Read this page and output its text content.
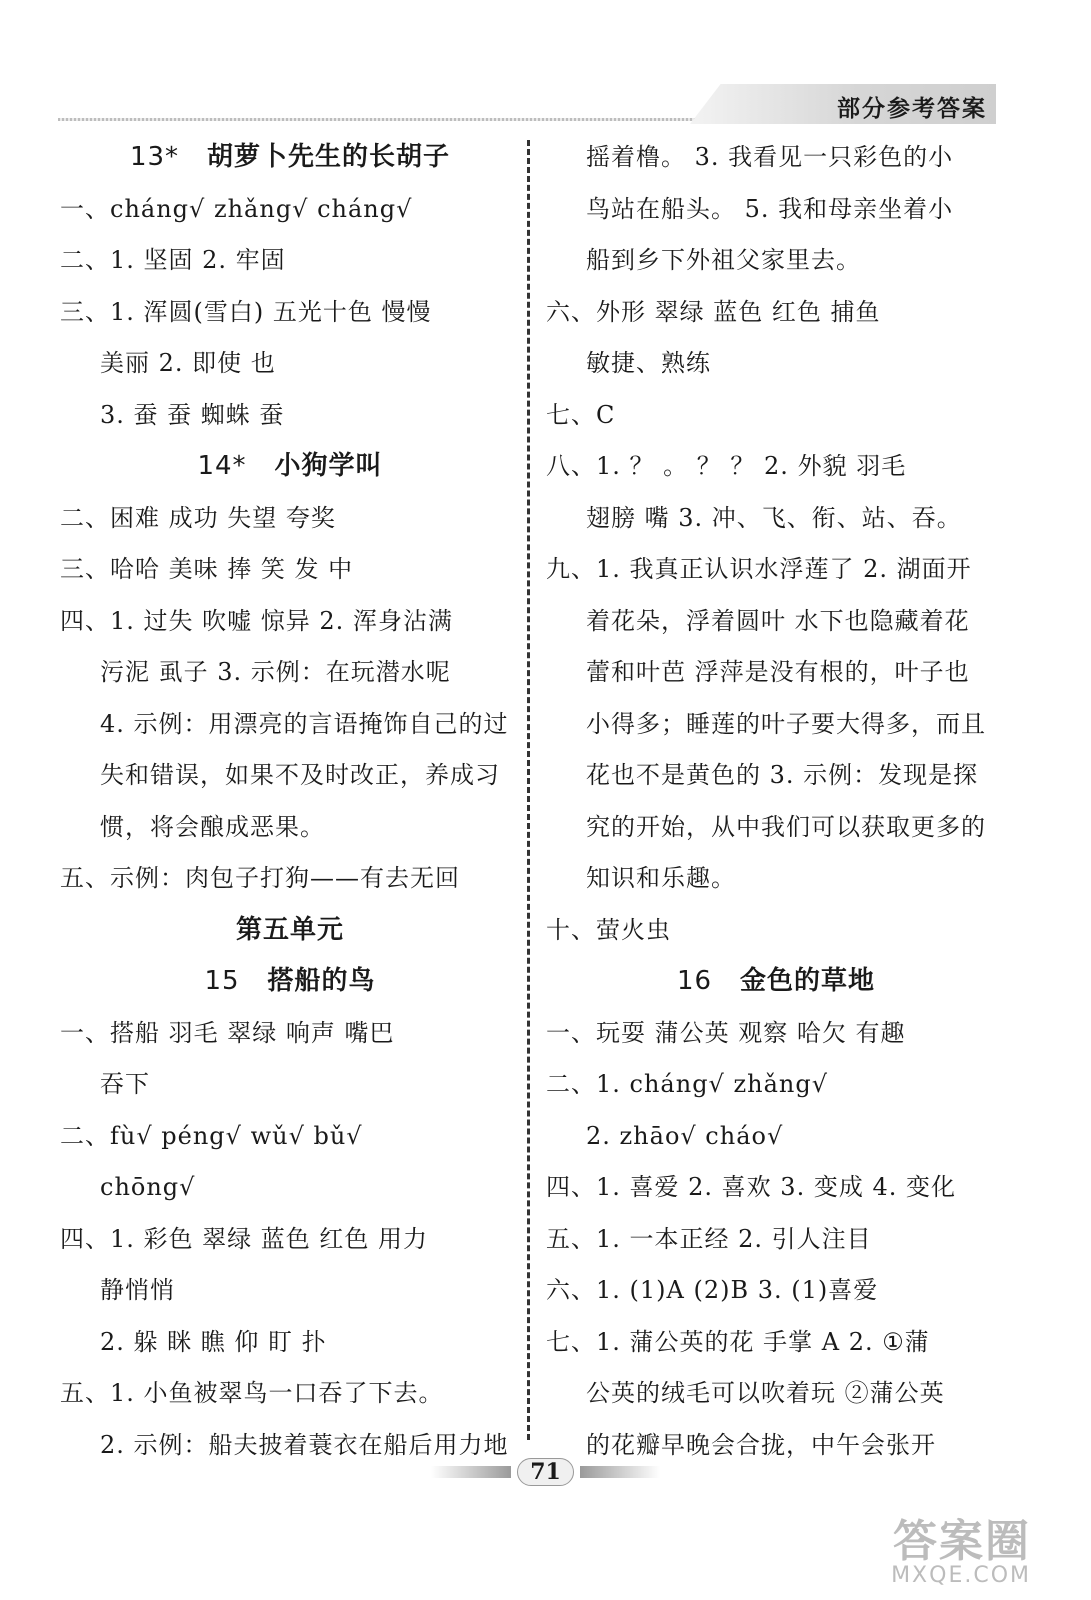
部分参考答案
13* 胡萝卜先生的长胡子
一、cháng√ zhǎng√ cháng√
二、1. 坚固 2. 牢固
三、1. 浑圆(雪白) 五光十色 慢慢
美丽 2. 即使 也
3. 蚕 蚕 蜘蛛 蚕
14* 小狗学叫
二、困难 成功 失望 夸奖
三、哈哈 美味 捧 笑 发 中
四、1. 过失 吹嘘 惊异 2. 浑身沾满
污泥 虱子 3. 示例：在玩潜水呢
4. 示例：用漂亮的言语掩饰自己的过
失和错误，如果不及时改正，养成习
惯，将会酿成恶果。
五、示例：肉包子打狗——有去无回
第五单元
15 搭船的鸟
一、搭船 羽毛 翠绿 响声 嘴巴
吞下
二、fù√ péng√ wǔ√ bǔ√
chōng√
四、1. 彩色 翠绿 蓝色 红色 用力
静悄悄
2. 躲 眯 瞧 仰 盯 扑
五、1. 小鱼被翠鸟一口吞了下去。
2. 示例：船夫披着蓑衣在船后用力地
摇着橹。 3. 我看见一只彩色的小
鸟站在船头。 5. 我和母亲坐着小
船到乡下外祖父家里去。
六、外形 翠绿 蓝色 红色 捕鱼
敏捷、熟练
七、C
八、1. ？ 。 ？ ？ 2. 外貌 羽毛
翅膀 嘴 3. 冲、飞、衔、站、吞。
九、1. 我真正认识水浮莲了 2. 湖面开
着花朵，浮着圆叶 水下也隐藏着花
蕾和叶芭 浮萍是没有根的，叶子也
小得多；睡莲的叶子要大得多，而且
花也不是黄色的 3. 示例：发现是探
究的开始，从中我们可以获取更多的
知识和乐趣。
十、萤火虫
16 金色的草地
一、玩耍 蒲公英 观察 哈欠 有趣
二、1. cháng√ zhǎng√
2. zhāo√ cháo√
四、1. 喜爱 2. 喜欢 3. 变成 4. 变化
五、1. 一本正经 2. 引人注目
六、1. (1)A (2)B 3. (1)喜爱
七、1. 蒲公英的花 手掌 A 2. ①蒲
公英的绒毛可以吹着玩 ②蒲公英
的花瓣早晚会合拢，中午会张开
71
答案圈
MXQE.COM
